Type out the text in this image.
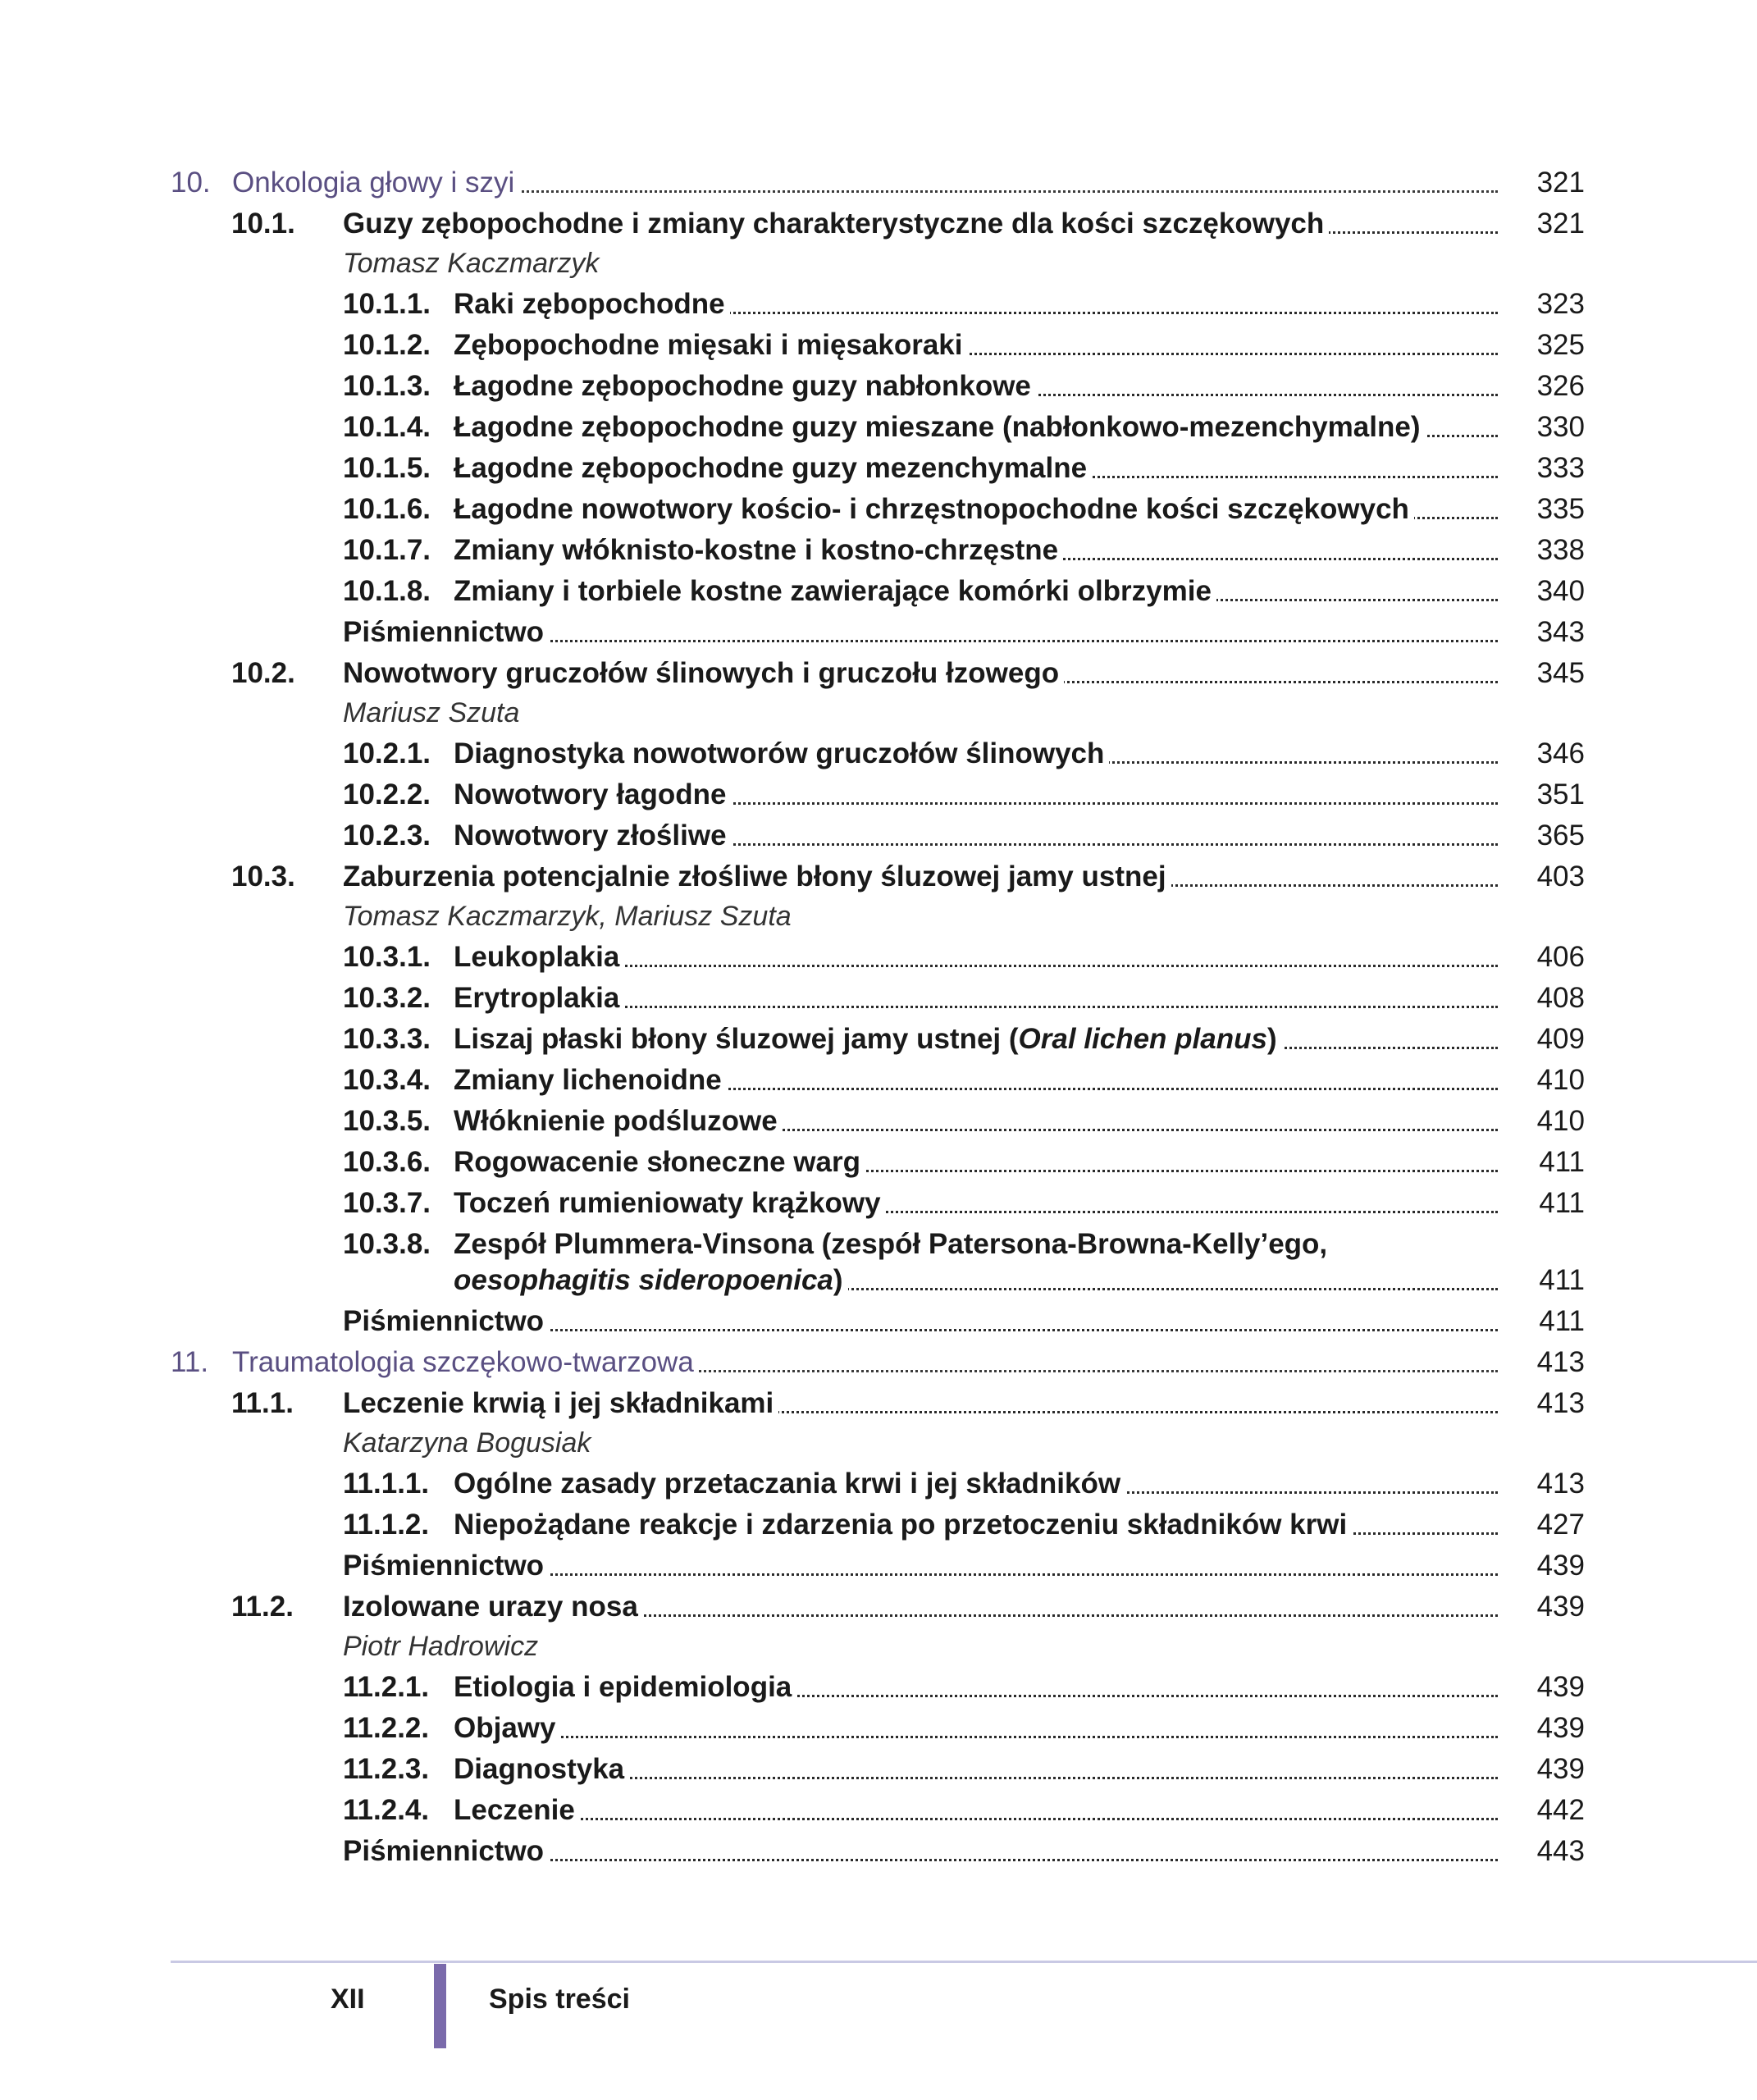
10. Onkologia głowy i szyi	321
10.1. Guzy zębopochodne i zmiany charakterystyczne dla kości szczękowych	321
Tomasz Kaczmarzyk
10.1.1. Raki zębopochodne	323
10.1.2. Zębopochodne mięsaki i mięsakoraki	325
10.1.3. Łagodne zębopochodne guzy nabłonkowe	326
10.1.4. Łagodne zębopochodne guzy mieszane (nabłonkowo-mezenchymalne)	330
10.1.5. Łagodne zębopochodne guzy mezenchymalne	333
10.1.6. Łagodne nowotwory kościo- i chrzęstnopochodne kości szczękowych	335
10.1.7. Zmiany włóknisto-kostne i kostno-chrzęstne	338
10.1.8. Zmiany i torbiele kostne zawierające komórki olbrzymie	340
Piśmiennictwo	343
10.2. Nowotwory gruczołów ślinowych i gruczołu łzowego	345
Mariusz Szuta
10.2.1. Diagnostyka nowotworów gruczołów ślinowych	346
10.2.2. Nowotwory łagodne	351
10.2.3. Nowotwory złośliwe	365
10.3. Zaburzenia potencjalnie złośliwe błony śluzowej jamy ustnej	403
Tomasz Kaczmarzyk, Mariusz Szuta
10.3.1. Leukoplakia	406
10.3.2. Erytroplakia	408
10.3.3. Liszaj płaski błony śluzowej jamy ustnej (Oral lichen planus)	409
10.3.4. Zmiany lichenoidne	410
10.3.5. Włóknienie podśluzowe	410
10.3.6. Rogowacenie słoneczne warg	411
10.3.7. Toczeń rumieniowaty krążkowy	411
10.3.8. Zespół Plummera-Vinsona (zespół Patersona-Browna-Kelly’ego,
oesophagitis sideropoenica)	411
Piśmiennictwo	411
11. Traumatologia szczękowo-twarzowa	413
11.1. Leczenie krwią i jej składnikami	413
Katarzyna Bogusiak
11.1.1. Ogólne zasady przetaczania krwi i jej składników	413
11.1.2. Niepożądane reakcje i zdarzenia po przetoczeniu składników krwi	427
Piśmiennictwo	439
11.2. Izolowane urazy nosa	439
Piotr Hadrowicz
11.2.1. Etiologia i epidemiologia	439
11.2.2. Objawy	439
11.2.3. Diagnostyka	439
11.2.4. Leczenie	442
Piśmiennictwo	443
XII	Spis treści
